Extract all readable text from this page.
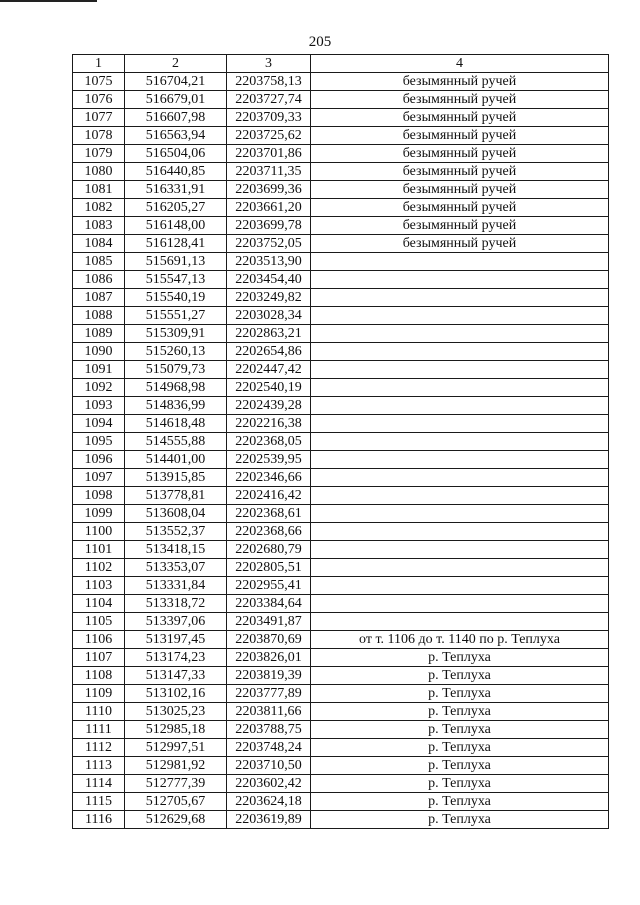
205
1	2	3	4
1075	516704,21	2203758,13	безымянный ручей
1076	516679,01	2203727,74	безымянный ручей
1077	516607,98	2203709,33	безымянный ручей
1078	516563,94	2203725,62	безымянный ручей
1079	516504,06	2203701,86	безымянный ручей
1080	516440,85	2203711,35	безымянный ручей
1081	516331,91	2203699,36	безымянный ручей
1082	516205,27	2203661,20	безымянный ручей
1083	516148,00	2203699,78	безымянный ручей
1084	516128,41	2203752,05	безымянный ручей
1085	515691,13	2203513,90	
1086	515547,13	2203454,40	
1087	515540,19	2203249,82	
1088	515551,27	2203028,34	
1089	515309,91	2202863,21	
1090	515260,13	2202654,86	
1091	515079,73	2202447,42	
1092	514968,98	2202540,19	
1093	514836,99	2202439,28	
1094	514618,48	2202216,38	
1095	514555,88	2202368,05	
1096	514401,00	2202539,95	
1097	513915,85	2202346,66	
1098	513778,81	2202416,42	
1099	513608,04	2202368,61	
1100	513552,37	2202368,66	
1101	513418,15	2202680,79	
1102	513353,07	2202805,51	
1103	513331,84	2202955,41	
1104	513318,72	2203384,64	
1105	513397,06	2203491,87	
1106	513197,45	2203870,69	от т. 1106 до т. 1140 по р. Теплуха
1107	513174,23	2203826,01	р. Теплуха
1108	513147,33	2203819,39	р. Теплуха
1109	513102,16	2203777,89	р. Теплуха
1110	513025,23	2203811,66	р. Теплуха
1111	512985,18	2203788,75	р. Теплуха
1112	512997,51	2203748,24	р. Теплуха
1113	512981,92	2203710,50	р. Теплуха
1114	512777,39	2203602,42	р. Теплуха
1115	512705,67	2203624,18	р. Теплуха
1116	512629,68	2203619,89	р. Теплуха
